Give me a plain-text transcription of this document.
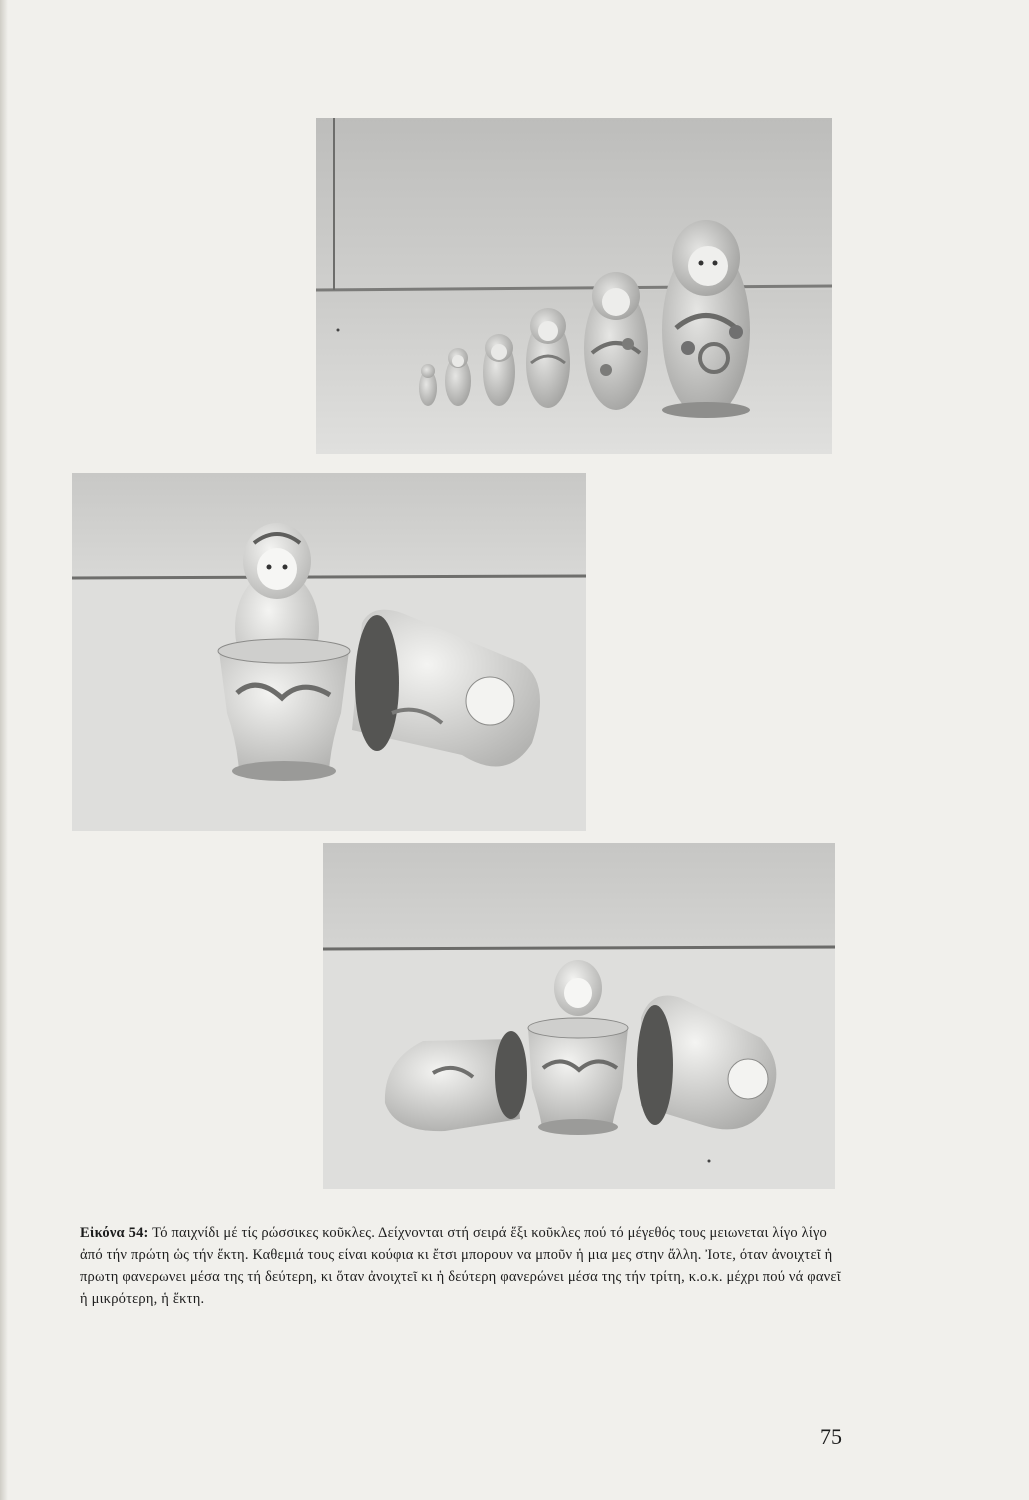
Εἰκόνα 54: Τό παιχνίδι μέ τίς ρώσσικες κοῦκλες. Δείχνονται στή σειρά ἕξι κοῦκλες πού τό μέγεθός τους μειωνεται λίγο λίγο ἀπό τήν πρώτη ὡς τήν ἕκτη. Καθεμιά τους είναι κούφια κι ἔτσι μπορουν να μποῦν ἡ μια μες στην ἄλλη. Ἰοτε, όταν ἀνοιχτεῖ ἡ πρωτη φανερωνει μέσα της τή δεύτερη, κι ὅταν ἀνοιχτεῖ κι ἡ δεύτερη φανερώνει μέσα της τήν τρίτη, κ.ο.κ. μέχρι πού νά φανεῖ ἡ μικρότερη, ἡ ἕκτη.
75
